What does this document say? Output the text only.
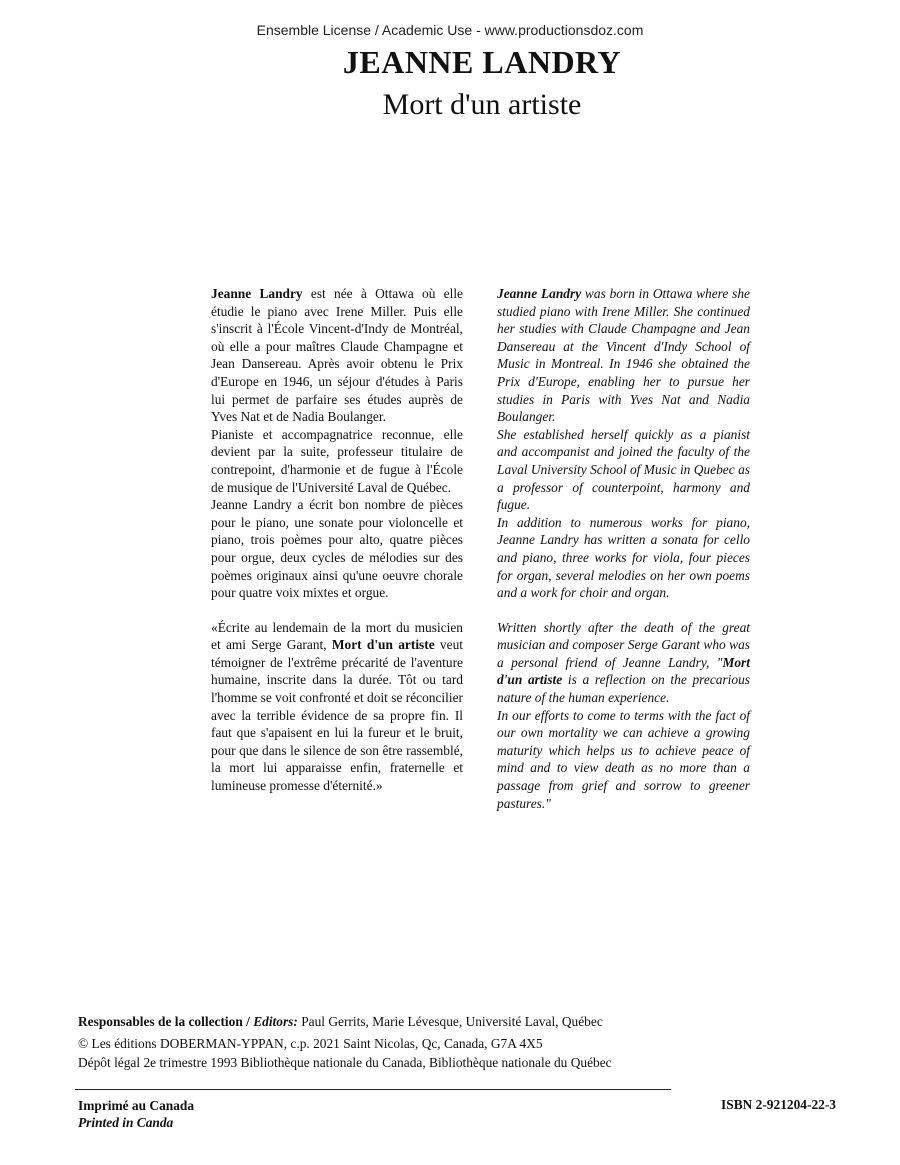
Ensemble License / Academic Use - www.productionsdoz.com
JEANNE LANDRY
Mort d'un artiste

Jeanne Landry est née à Ottawa où elle étudie le piano avec Irene Miller. Puis elle s'inscrit à l'École Vincent-d'Indy de Montréal, où elle a pour maîtres Claude Champagne et Jean Dansereau. Après avoir obtenu le Prix d'Europe en 1946, un séjour d'études à Paris lui permet de parfaire ses études auprès de Yves Nat et de Nadia Boulanger.

Pianiste et accompagnatrice reconnue, elle devient par la suite, professeur titulaire de contrepoint, d'harmonie et de fugue à l'École de musique de l'Université Laval de Québec.

Jeanne Landry a écrit bon nombre de pièces pour le piano, une sonate pour violoncelle et piano, trois poèmes pour alto, quatre pièces pour orgue, deux cycles de mélodies sur des poèmes originaux ainsi qu'une oeuvre chorale pour quatre voix mixtes et orgue.

«Écrite au lendemain de la mort du musicien et ami Serge Garant, Mort d'un artiste veut témoigner de l'extrême précarité de l'aventure humaine, inscrite dans la durée. Tôt ou tard l'homme se voit confronté et doit se réconcilier avec la terrible évidence de sa propre fin. Il faut que s'apaisent en lui la fureur et le bruit, pour que dans le silence de son être rassemblé, la mort lui apparaisse enfin, fraternelle et lumineuse promesse d'éternité.»

Jeanne Landry was born in Ottawa where she studied piano with Irene Miller. She continued her studies with Claude Champagne and Jean Dansereau at the Vincent d'Indy School of Music in Montreal. In 1946 she obtained the Prix d'Europe, enabling her to pursue her studies in Paris with Yves Nat and Nadia Boulanger.

She established herself quickly as a pianist and accompanist and joined the faculty of the Laval University School of Music in Quebec as a professor of counterpoint, harmony and fugue.

In addition to numerous works for piano, Jeanne Landry has written a sonata for cello and piano, three works for viola, four pieces for organ, several melodies on her own poems and a work for choir and organ.

Written shortly after the death of the great musician and composer Serge Garant who was a personal friend of Jeanne Landry, "Mort d'un artiste is a reflection on the precarious nature of the human experience.

In our efforts to come to terms with the fact of our own mortality we can achieve a growing maturity which helps us to achieve peace of mind and to view death as no more than a passage from grief and sorrow to greener pastures."

Responsables de la collection / Editors: Paul Gerrits, Marie Lévesque, Université Laval, Québec
© Les éditions DOBERMAN-YPPAN, c.p. 2021 Saint Nicolas, Qc, Canada, G7A 4X5
Dépôt légal 2e trimestre 1993 Bibliothèque nationale du Canada, Bibliothèque nationale du Québec
Imprimé au Canada
Printed in Canda
ISBN 2-921204-22-3
